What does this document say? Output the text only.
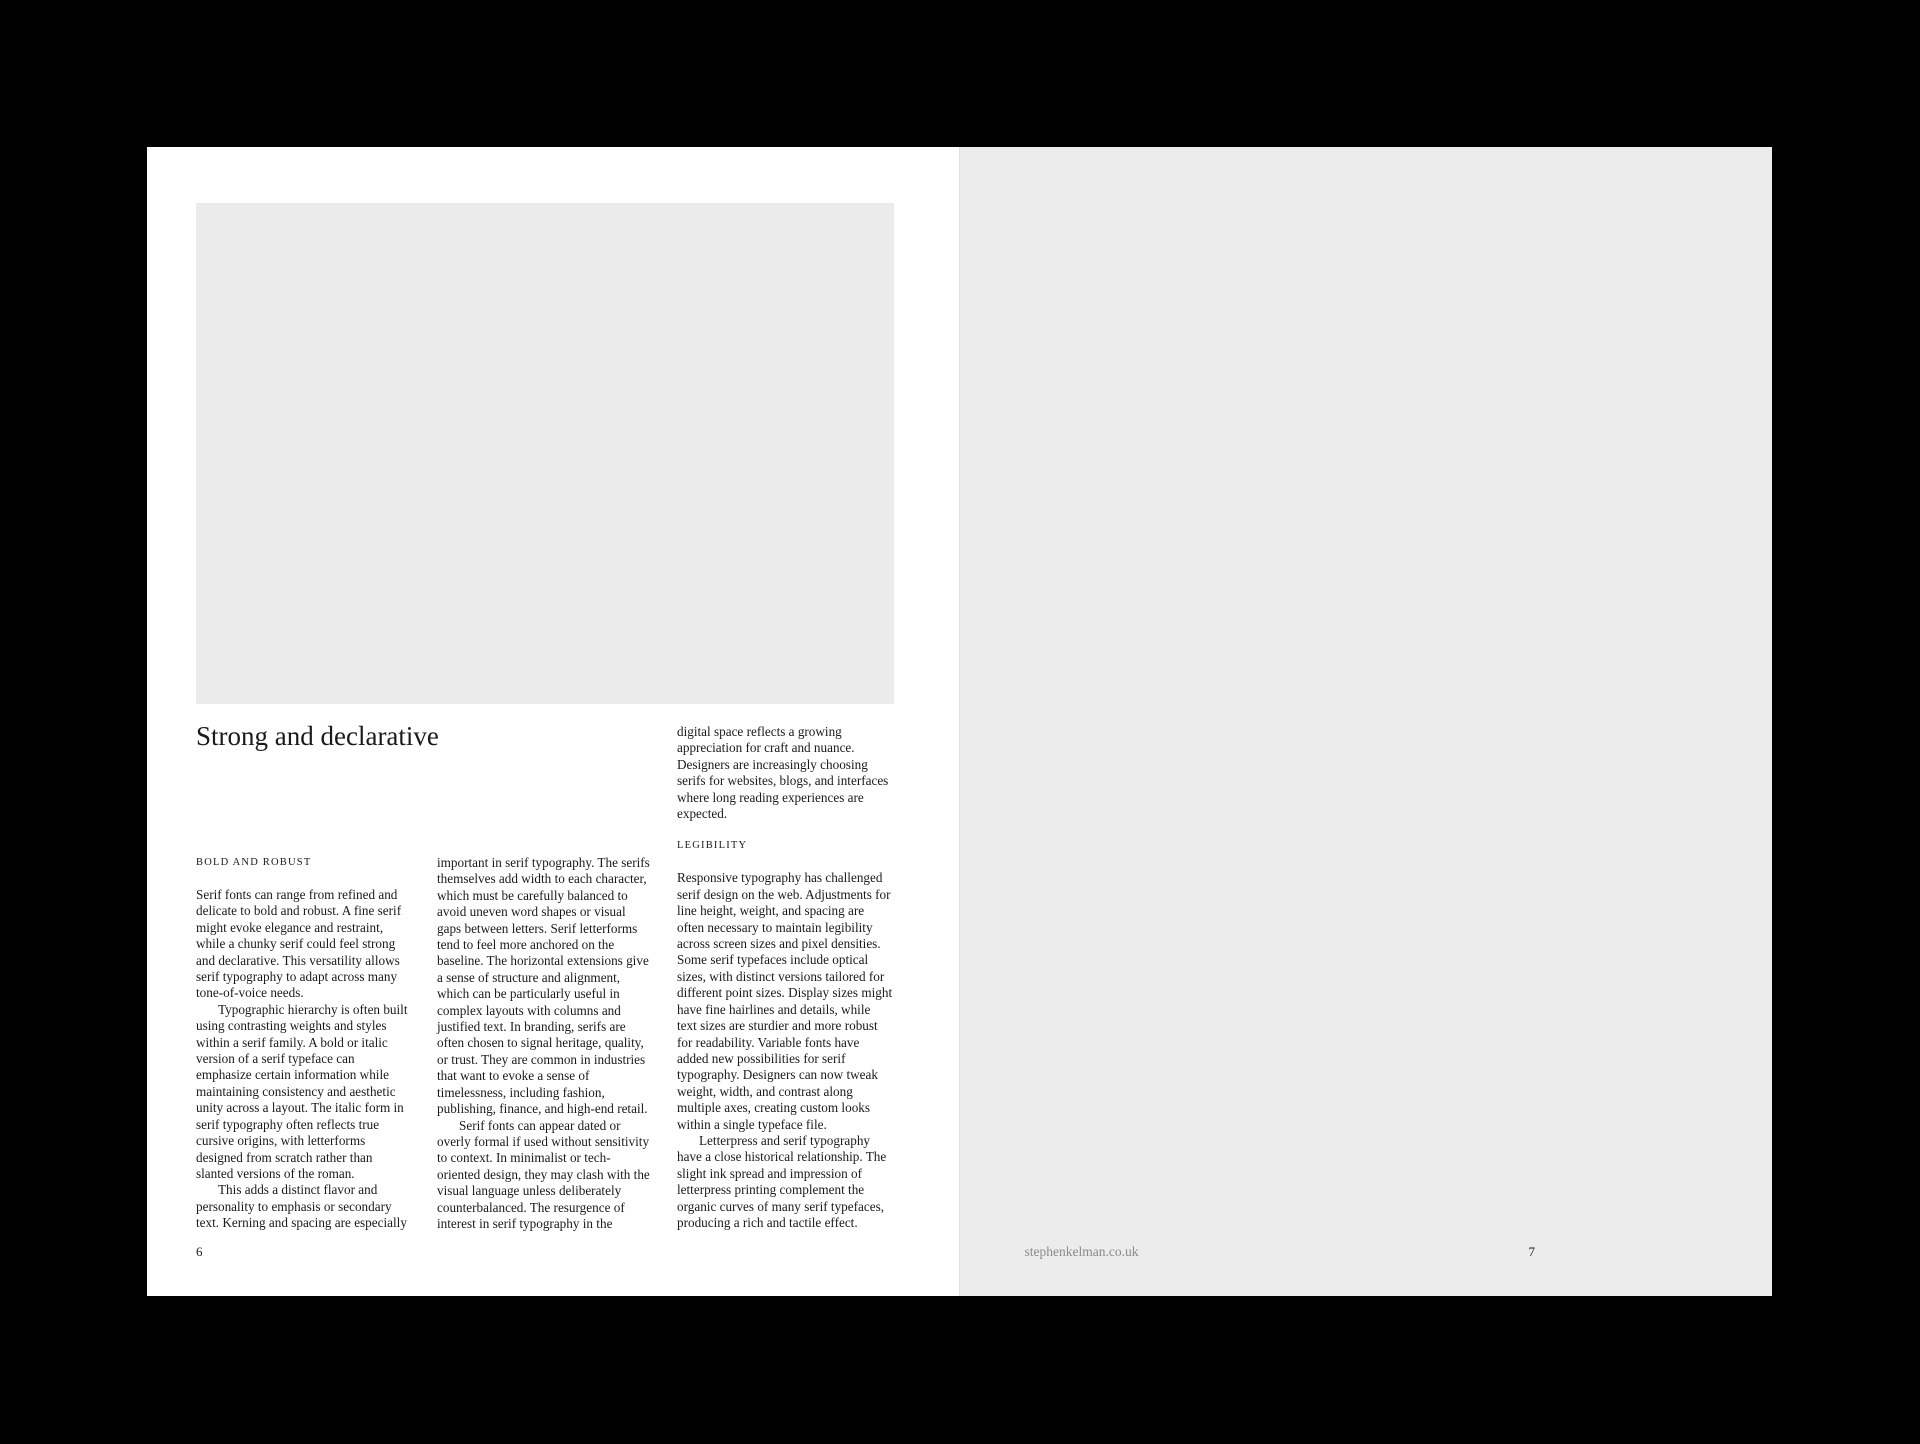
Strong and declarative
BOLD AND ROBUST

Serif fonts can range from refined and delicate to bold and robust. A fine serif might evoke elegance and restraint, while a chunky serif could feel strong and declarative. This versatility allows serif typography to adapt across many tone-of-voice needs.

Typographic hierarchy is often built using contrasting weights and styles within a serif family. A bold or italic version of a serif typeface can emphasize certain information while maintaining consistency and aesthetic unity across a layout. The italic form in serif typography often reflects true cursive origins, with letterforms designed from scratch rather than slanted versions of the roman.

This adds a distinct flavor and personality to emphasis or secondary text. Kerning and spacing are especially

important in serif typography. The serifs themselves add width to each character, which must be carefully balanced to avoid uneven word shapes or visual gaps between letters. Serif letterforms tend to feel more anchored on the baseline. The horizontal extensions give a sense of structure and alignment, which can be particularly useful in complex layouts with columns and justified text. In branding, serifs are often chosen to signal heritage, quality, or trust. They are common in industries that want to evoke a sense of timelessness, including fashion, publishing, finance, and high-end retail.

Serif fonts can appear dated or overly formal if used without sensitivity to context. In minimalist or tech-oriented design, they may clash with the visual language unless deliberately counterbalanced. The resurgence of interest in serif typography in the

digital space reflects a growing appreciation for craft and nuance. Designers are increasingly choosing serifs for websites, blogs, and interfaces where long reading experiences are expected.

LEGIBILITY

Responsive typography has challenged serif design on the web. Adjustments for line height, weight, and spacing are often necessary to maintain legibility across screen sizes and pixel densities. Some serif typefaces include optical sizes, with distinct versions tailored for different point sizes. Display sizes might have fine hairlines and details, while text sizes are sturdier and more robust for readability. Variable fonts have added new possibilities for serif typography. Designers can now tweak weight, width, and contrast along multiple axes, creating custom looks within a single typeface file.

Letterpress and serif typography have a close historical relationship. The slight ink spread and impression of letterpress printing complement the organic curves of many serif typefaces, producing a rich and tactile effect.

6	stephenkelman.co.uk	7
